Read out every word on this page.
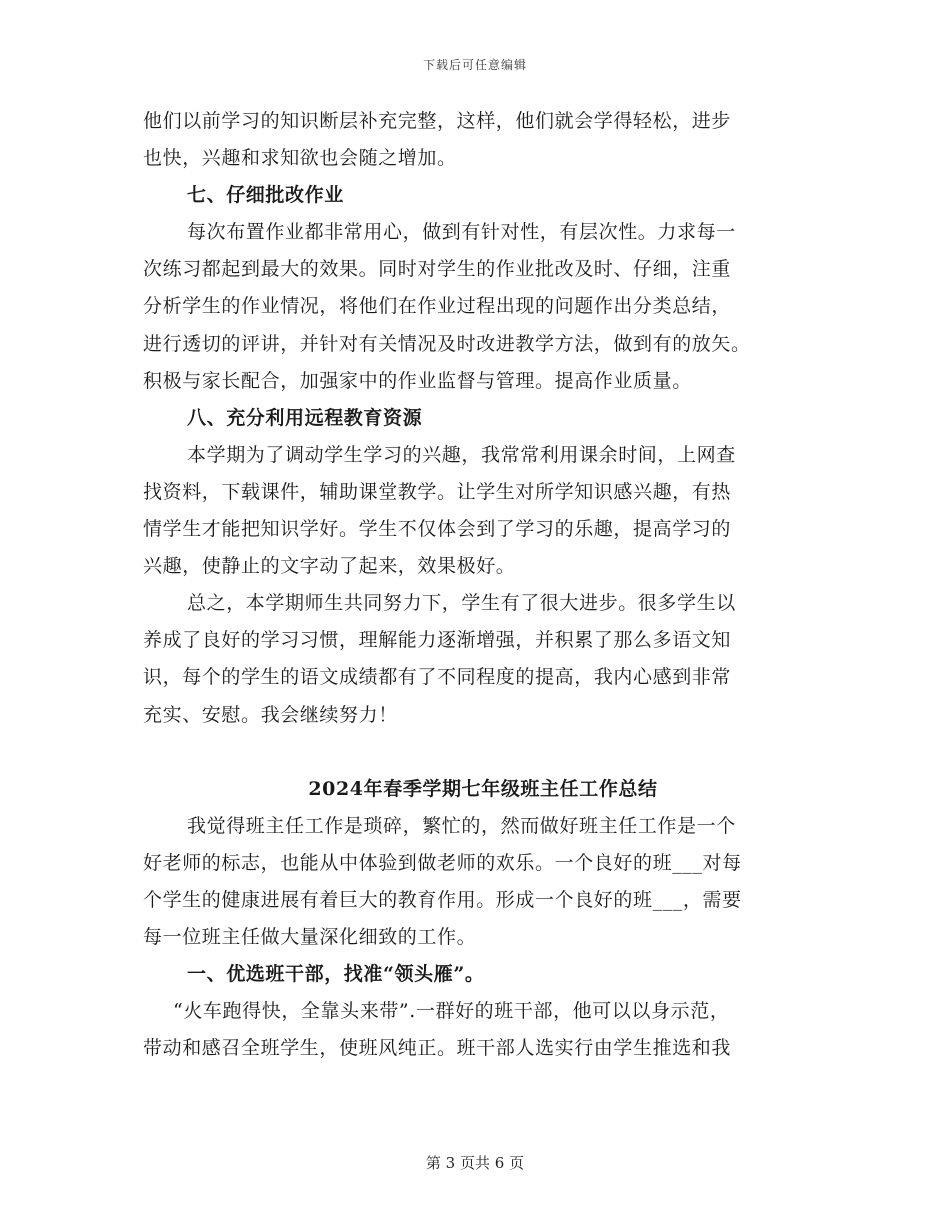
下载后可任意编辑
他们以前学习的知识断层补充完整，这样，他们就会学得轻松，进步
也快，兴趣和求知欲也会随之增加。
七、仔细批改作业
每次布置作业都非常用心，做到有针对性，有层次性。力求每一
次练习都起到最大的效果。同时对学生的作业批改及时、仔细，注重
分析学生的作业情况，将他们在作业过程出现的问题作出分类总结，
进行透切的评讲，并针对有关情况及时改进教学方法，做到有的放矢。
积极与家长配合，加强家中的作业监督与管理。提高作业质量。
八、充分利用远程教育资源
本学期为了调动学生学习的兴趣，我常常利用课余时间，上网查
找资料，下载课件，辅助课堂教学。让学生对所学知识感兴趣，有热
情学生才能把知识学好。学生不仅体会到了学习的乐趣，提高学习的
兴趣，使静止的文字动了起来，效果极好。
总之，本学期师生共同努力下，学生有了很大进步。很多学生以
养成了良好的学习习惯，理解能力逐渐增强，并积累了那么多语文知
识，每个的学生的语文成绩都有了不同程度的提高，我内心感到非常
充实、安慰。我会继续努力！
2024年春季学期七年级班主任工作总结
我觉得班主任工作是琐碎，繁忙的，然而做好班主任工作是一个
好老师的标志，也能从中体验到做老师的欢乐。一个良好的班___对每
个学生的健康进展有着巨大的教育作用。形成一个良好的班___，需要
每一位班主任做大量深化细致的工作。
一、优选班干部，找准“领头雁”。
“火车跑得快，全靠头来带”.一群好的班干部，他可以以身示范，
带动和感召全班学生，使班风纯正。班干部人选实行由学生推选和我
第 3 页共 6 页
